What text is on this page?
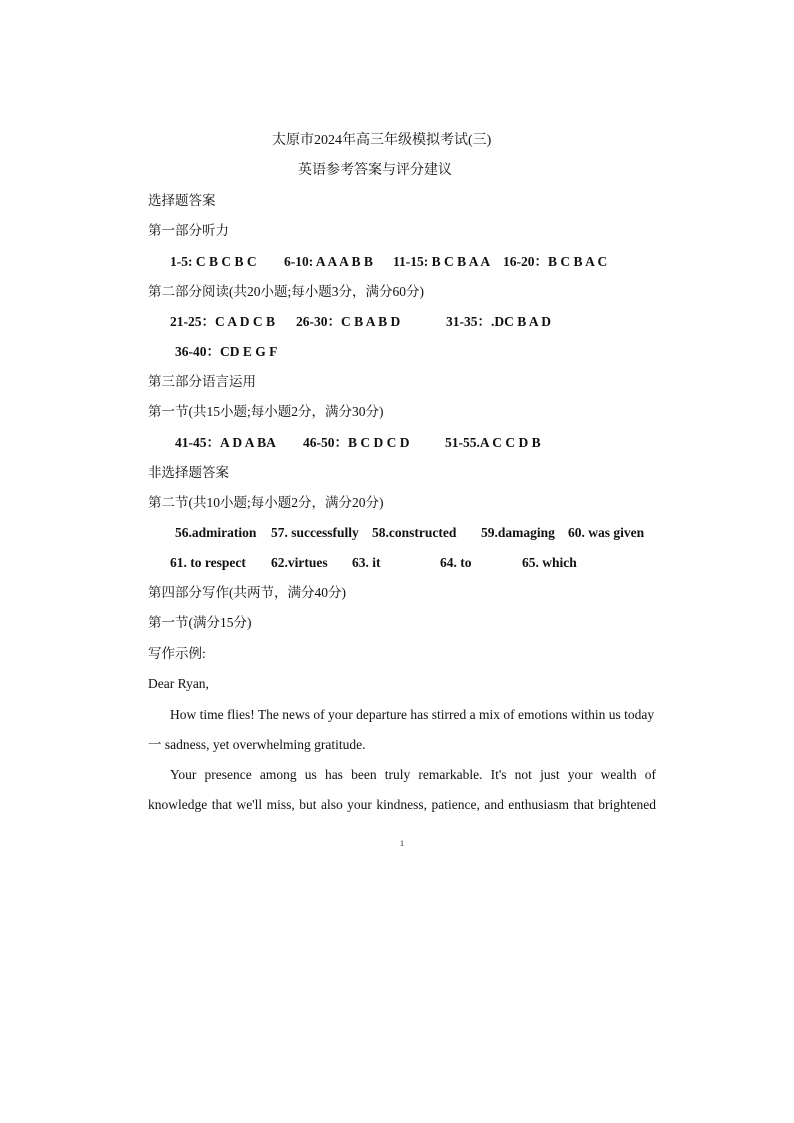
太原市2024年高三年级模拟考试(三)
英语参考答案与评分建议
选择题答案
第一部分听力
1-5: C B C B C 6-10: A A A B B 11-15: B C B A A 16-20：B C B A C
第二部分阅读(共20小题;每小题3分，满分60分)
21-25：C A D C B 26-30：C B A B D	31-35：.DC B A D
36-40：CD E G F
第三部分语言运用
第一节(共15小题;每小题2分，满分30分)
41-45：A D A BA 46-50：B C D C D	51-55.A C C D B
非选择题答案
第二节(共10小题;每小题2分，满分20分)
56.admiration 57. successfully 58.constructed 59.damaging 60. was given
61. to respect 62.virtues 63. it	64. to	65. which
第四部分写作(共两节，满分40分)
第一节(满分15分)
写作示例:
Dear Ryan,
How time flies! The news of your departure has stirred a mix of emotions within us today
一 sadness, yet overwhelming gratitude.
Your presence among us has been truly remarkable. It's not just your wealth of
knowledge that we'll miss, but also your kindness, patience, and enthusiasm that brightened
1
